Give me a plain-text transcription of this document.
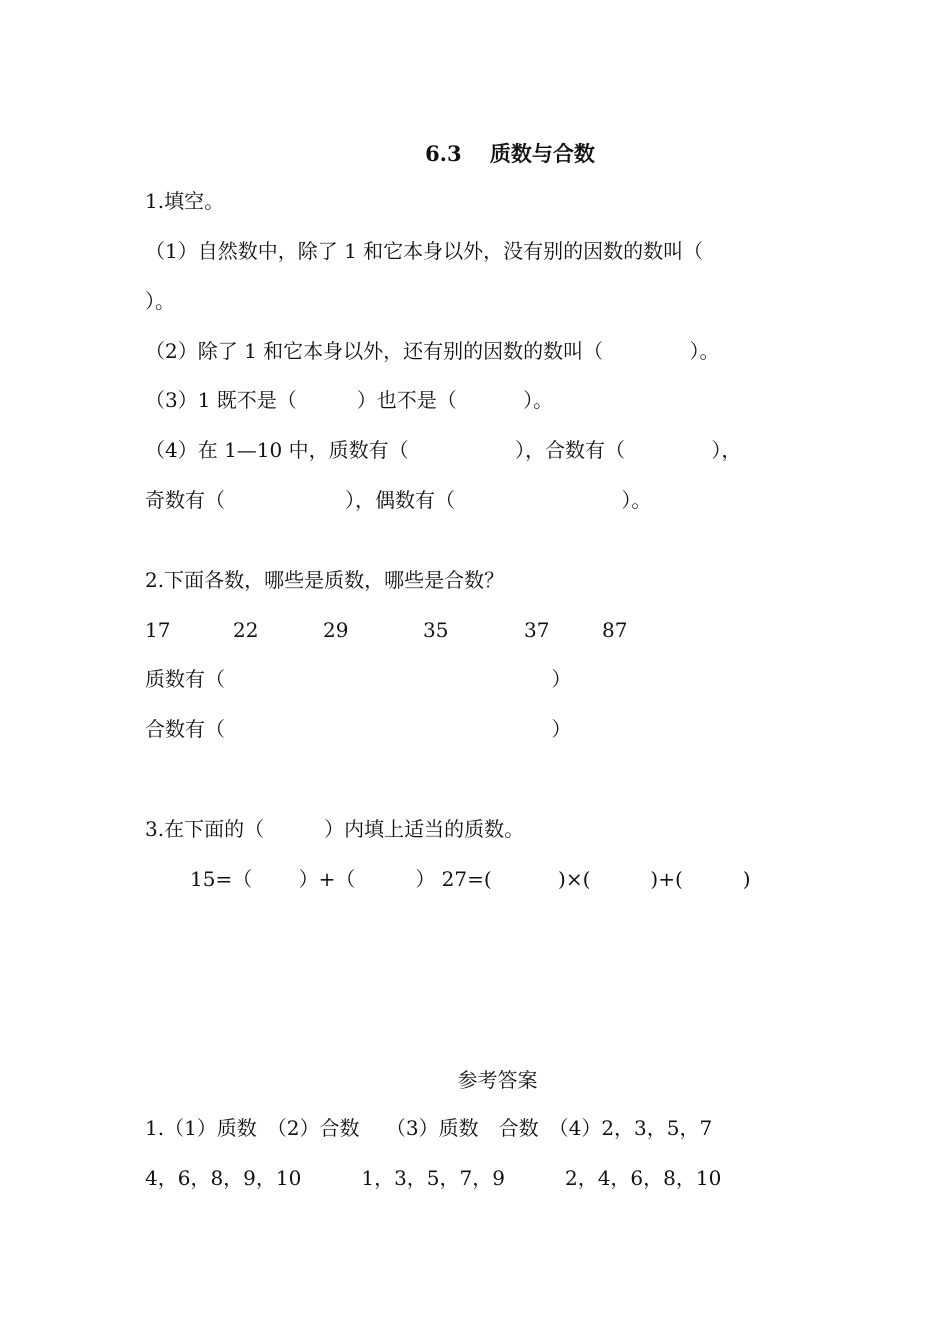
6.3　 质数与合数
1.填空。
（1）自然数中，除了 1 和它本身以外，没有别的因数的数叫（
）。
（2）除了 1 和它本身以外，还有别的因数的数叫（　　　　 ）。
（3）1 既不是（　　　）也不是（　　　 ）。
（4）在 1—10 中，质数有（　　　　　 ），合数有（　　　　 ），
奇数有（　　　　　　），偶数有（　　　　　　　　 ）。
2.下面各数，哪些是质数，哪些是合数？
17	22	29	35	37	87
质数有（　　　　　　　　　　　　　　　　 ）
合数有（　　　　　　　　　　　　　　　　 ）
3.在下面的（　　　）内填上适当的质数。
15=（　　 ）+（　　　） 27=(　　　 )×(　　　)+(　　　)
参考答案
1.（1）质数　（2）合数　 （3）质数　合数　（4）2，3，5，7
4，6，8，9，10　　　1，3，5，7，9　　　2，4，6，8，10
